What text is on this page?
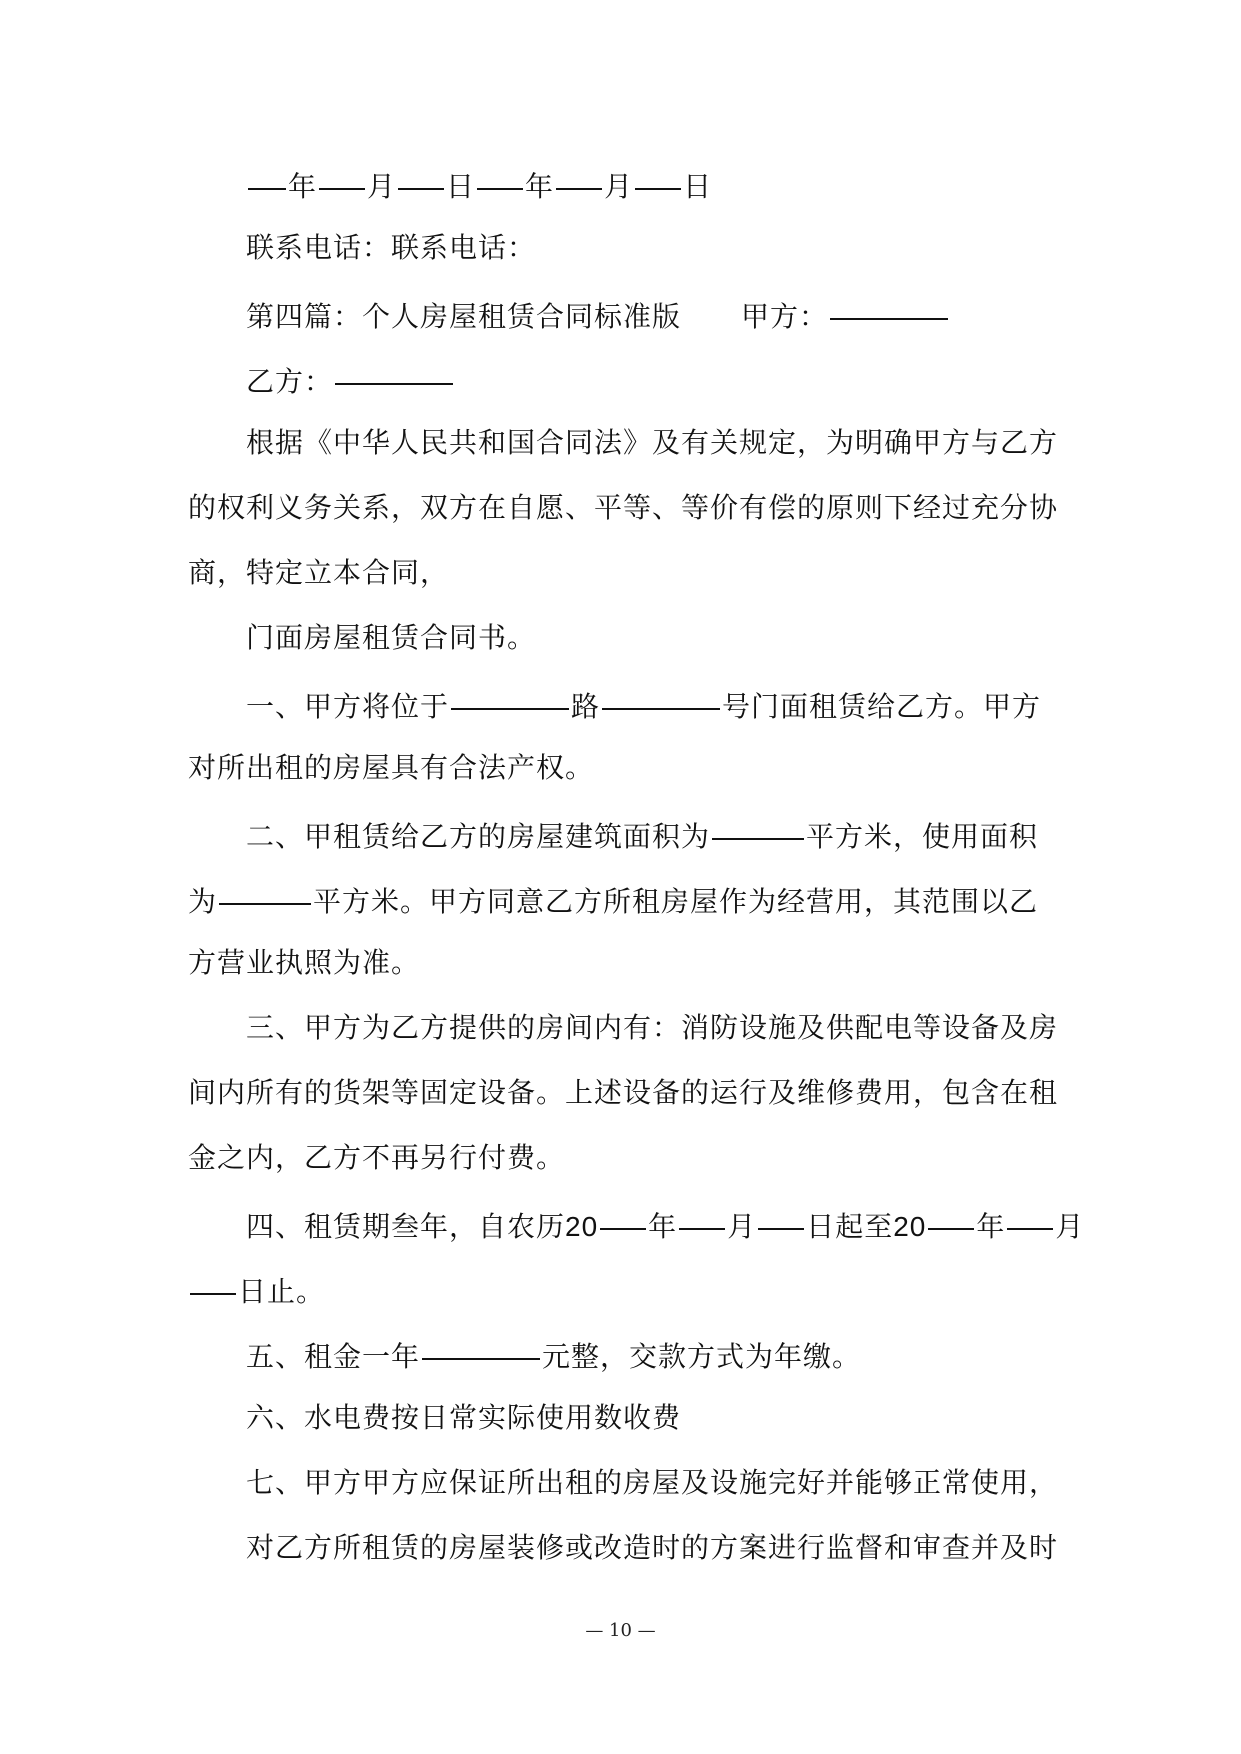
年 月 日 年 月 日
联系电话：联系电话：
第四篇：个人房屋租赁合同标准版 甲方：
乙方：
根据《中华人民共和国合同法》及有关规定，为明确甲方与乙方
的权利义务关系，双方在自愿、平等、等价有偿的原则下经过充分协
商，特定立本合同，
门面房屋租赁合同书。
一、甲方将位于	路	号门面租赁给乙方。甲方
对所出租的房屋具有合法产权。
二、甲租赁给乙方的房屋建筑面积为	平方米，使用面积
为	平方米。甲方同意乙方所租房屋作为经营用，其范围以乙
方营业执照为准。
三、甲方为乙方提供的房间内有：消防设施及供配电等设备及房
间内所有的货架等固定设备。上述设备的运行及维修费用，包含在租
金之内，乙方不再另行付费。
四、租赁期叁年，自农历20 年 月 日起至20 年 月
日止。
五、租金一年	元整，交款方式为年缴。
六、水电费按日常实际使用数收费
七、甲方甲方应保证所出租的房屋及设施完好并能够正常使用，
对乙方所租赁的房屋装修或改造时的方案进行监督和审查并及时
— 10 —
